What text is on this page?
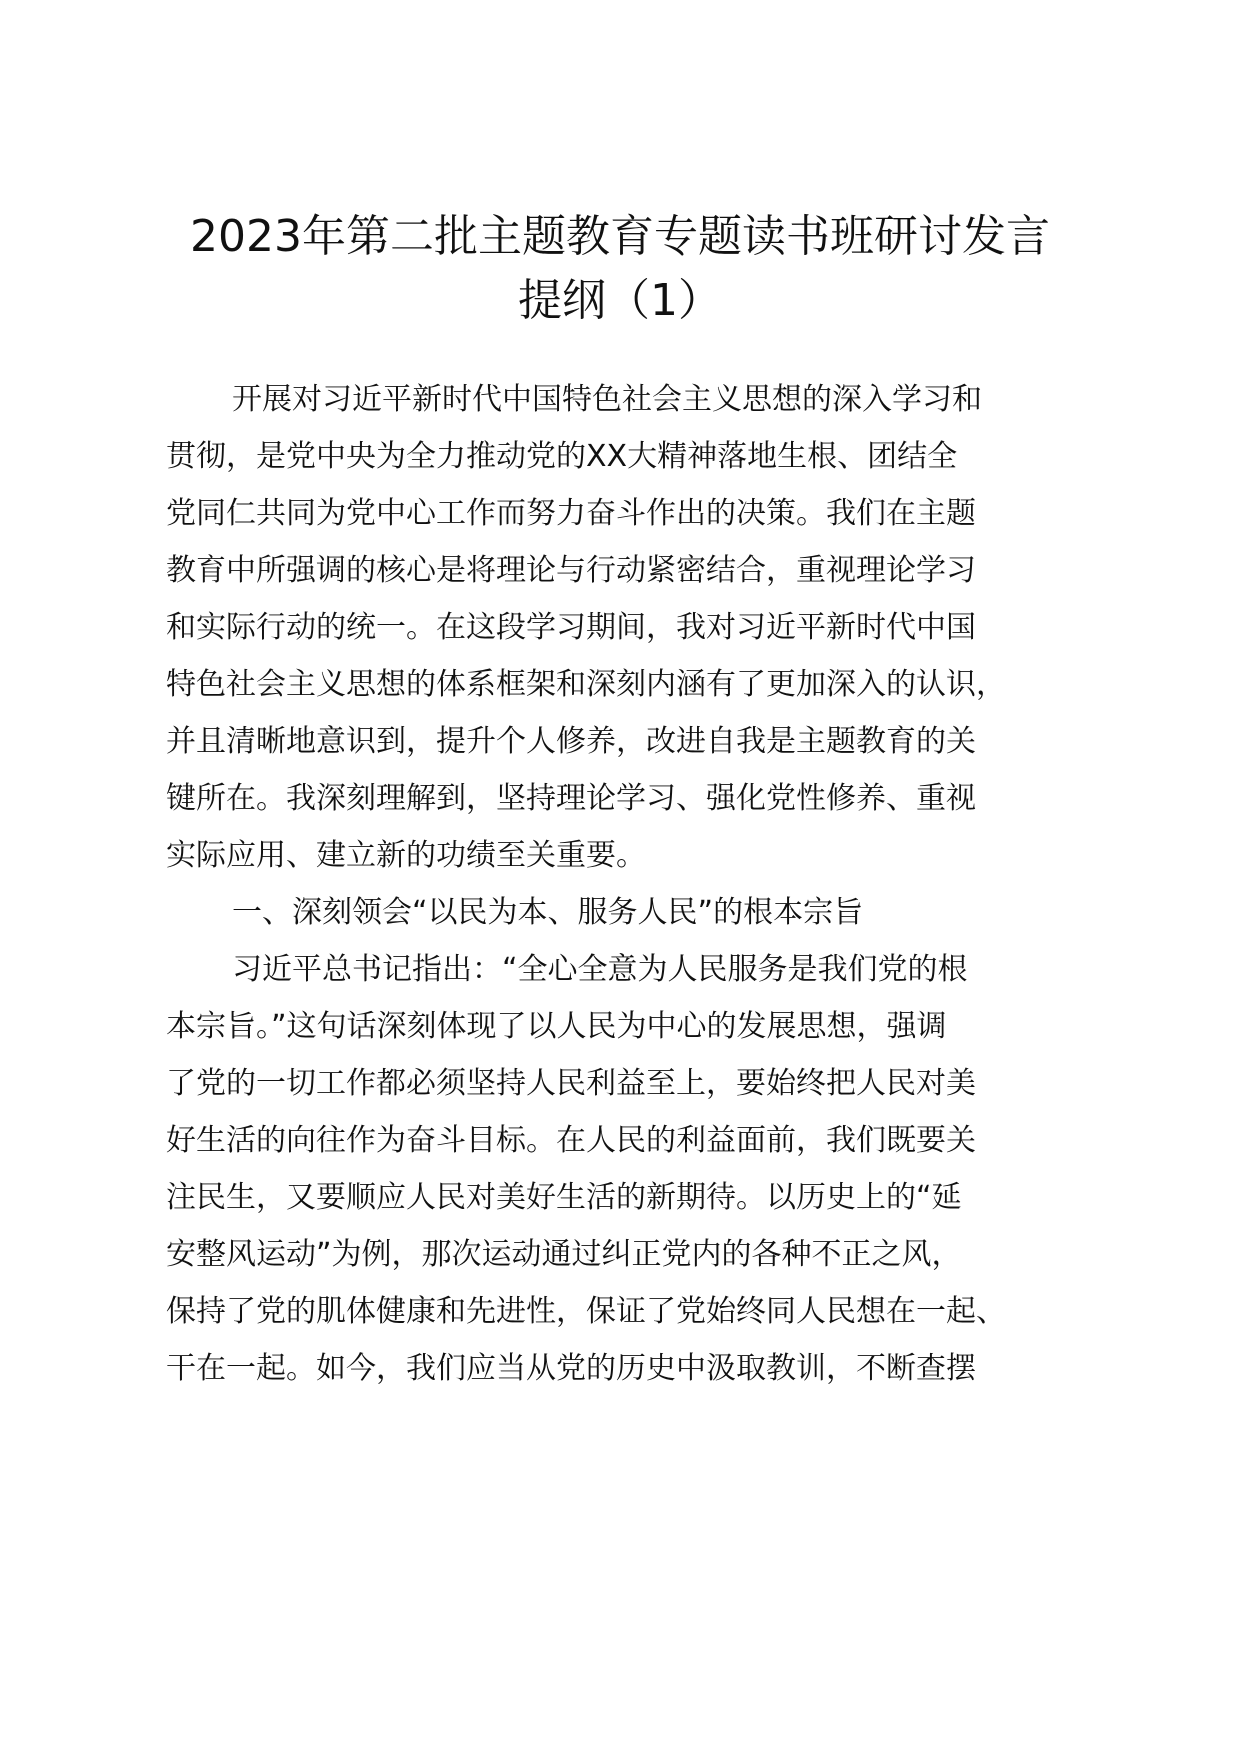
2023年第二批主题教育专题读书班研讨发言
提纲（1）

开展对习近平新时代中国特色社会主义思想的深入学习和

贯彻，是党中央为全力推动党的XX大精神落地生根、团结全

党同仁共同为党中心工作而努力奋斗作出的决策。我们在主题

教育中所强调的核心是将理论与行动紧密结合，重视理论学习

和实际行动的统一。在这段学习期间，我对习近平新时代中国

特色社会主义思想的体系框架和深刻内涵有了更加深入的认识，

并且清晰地意识到，提升个人修养，改进自我是主题教育的关

键所在。我深刻理解到，坚持理论学习、强化党性修养、重视

实际应用、建立新的功绩至关重要。

一、深刻领会“以民为本、服务人民”的根本宗旨

习近平总书记指出：“全心全意为人民服务是我们党的根

本宗旨。”这句话深刻体现了以人民为中心的发展思想，强调

了党的一切工作都必须坚持人民利益至上，要始终把人民对美

好生活的向往作为奋斗目标。在人民的利益面前，我们既要关

注民生，又要顺应人民对美好生活的新期待。以历史上的“延

安整风运动”为例，那次运动通过纠正党内的各种不正之风，

保持了党的肌体健康和先进性，保证了党始终同人民想在一起、

干在一起。如今，我们应当从党的历史中汲取教训，不断查摆
